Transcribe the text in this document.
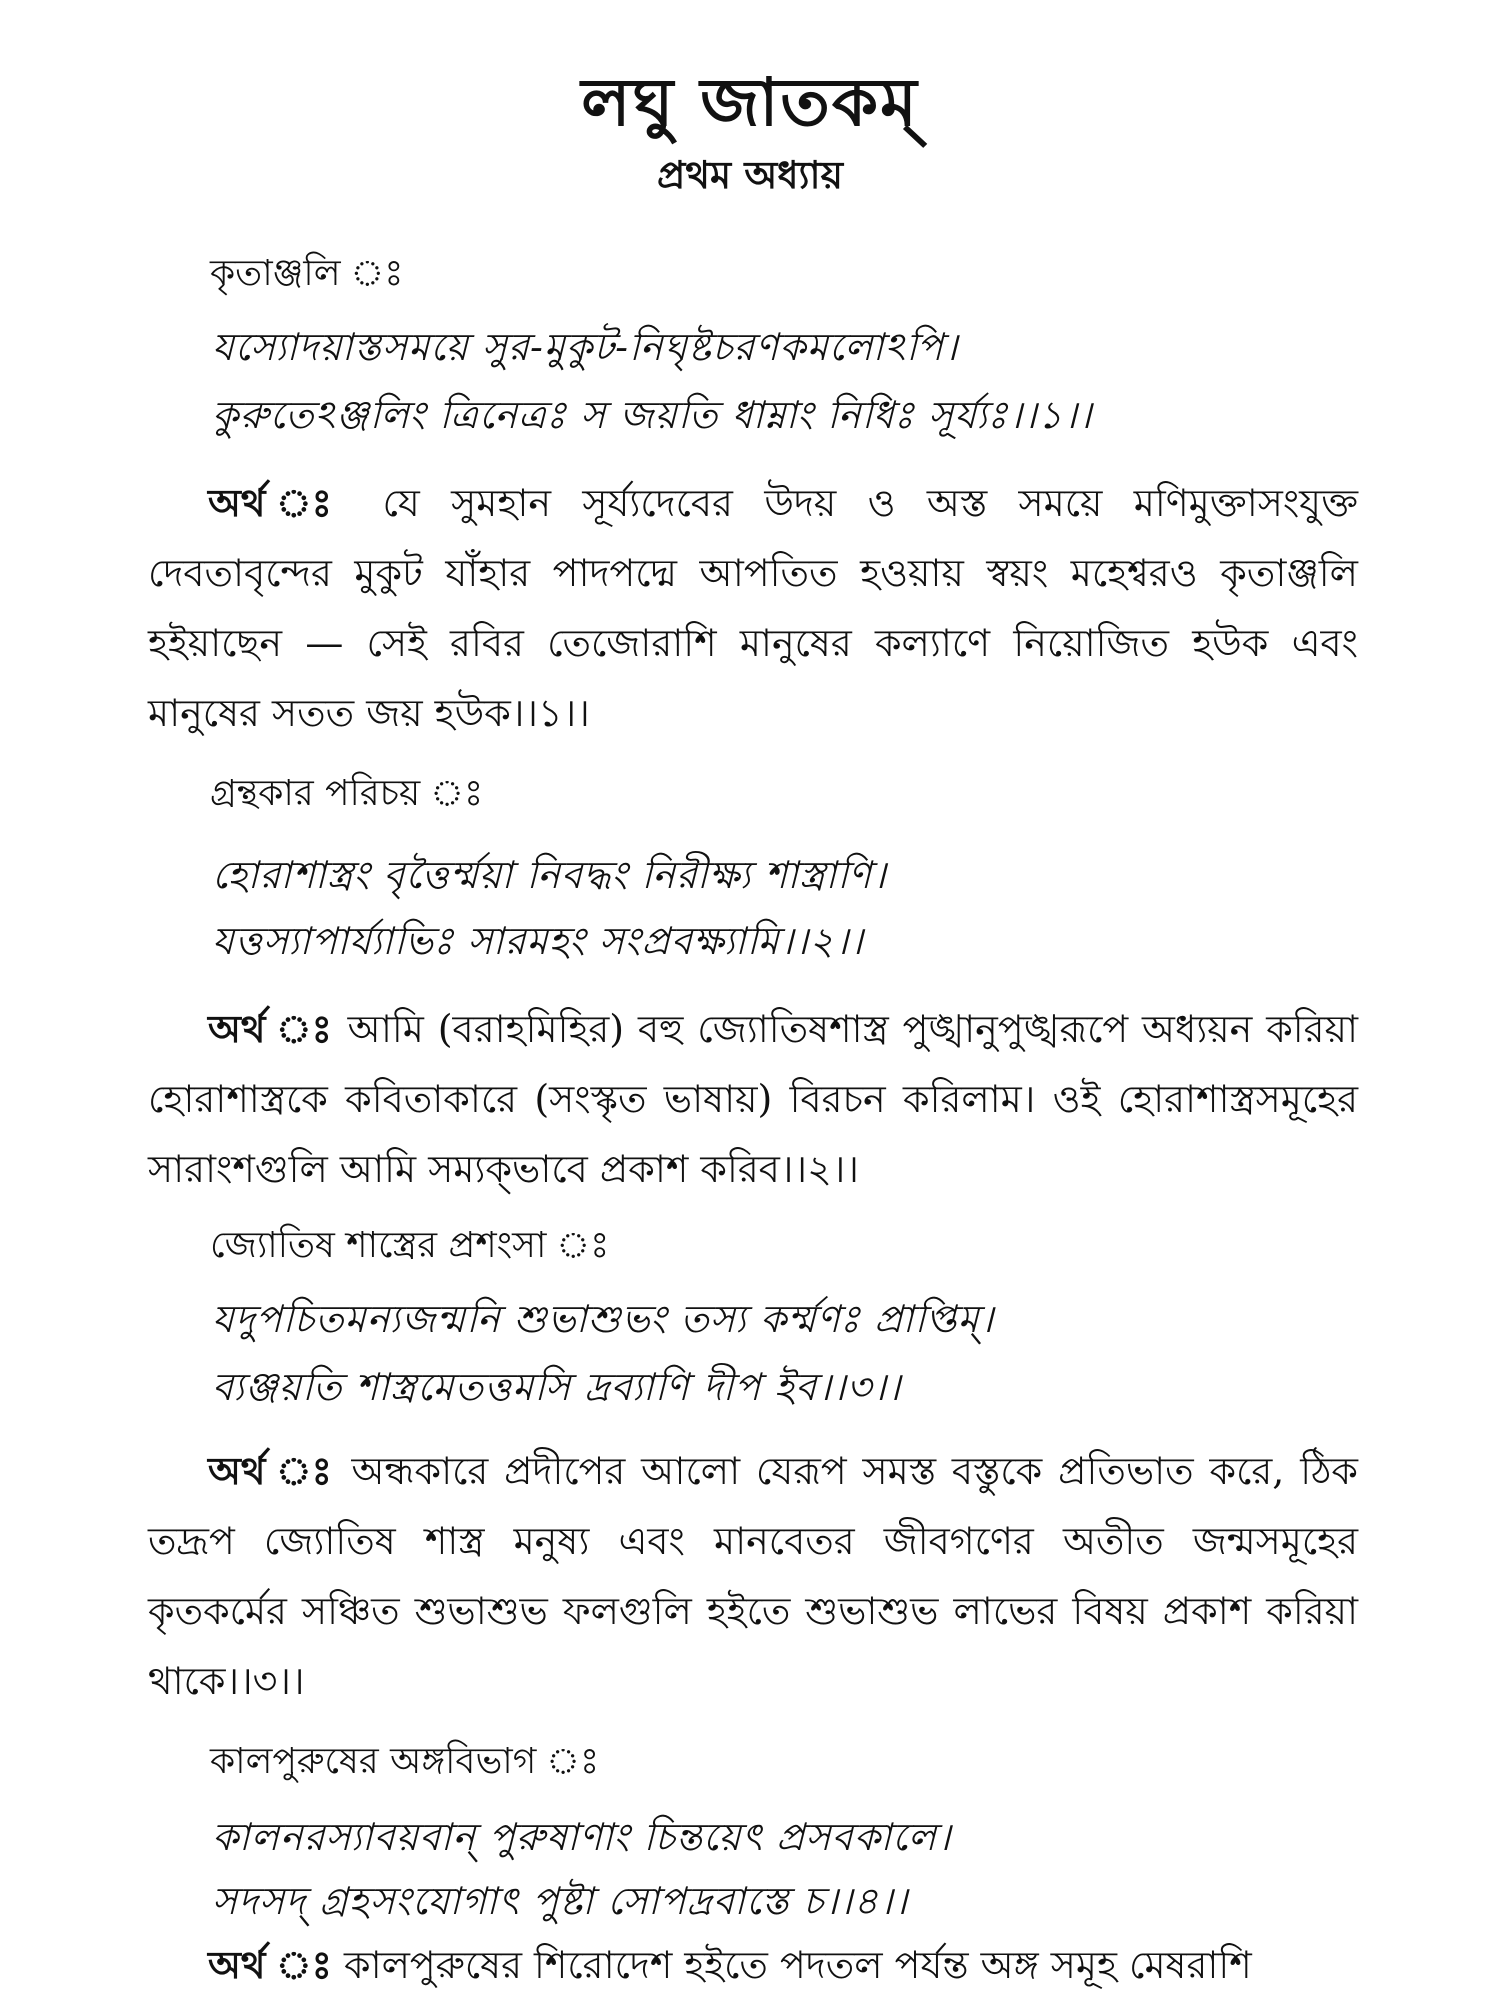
লঘু জাতকম্
প্রথম অধ্যায়
কৃতাঞ্জলি ঃ
যস্যোদয়াস্তসময়ে সুর-মুকুট-নিঘৃষ্টচরণকমলোঽপি।
কুরুতেঽঞ্জলিং ত্রিনেত্রঃ স জয়তি ধাম্নাং নিধিঃ সূর্য্যঃ।।১।।
অর্থ ঃ যে সুমহান সূর্য্যদেবের উদয় ও অস্ত সময়ে মণিমুক্তাসংযুক্ত দেবতাবৃন্দের মুকুট যাঁহার পাদপদ্মে আপতিত হওয়ায় স্বয়ং মহেশ্বরও কৃতাঞ্জলি হইয়াছেন — সেই রবির তেজোরাশি মানুষের কল্যাণে নিয়োজিত হউক এবং মানুষের সতত জয় হউক।।১।।
গ্রন্থকার পরিচয় ঃ
হোরাশাস্ত্রং বৃত্তৈর্ম্ময়া নিবদ্ধং নিরীক্ষ্য শাস্ত্রাণি।
যত্তস্যাপার্য্যাভিঃ সারমহং সংপ্রবক্ষ্যামি।।২।।
অর্থ ঃ আমি (বরাহমিহির) বহু জ্যোতিষশাস্ত্র পুঙ্খানুপুঙ্খরূপে অধ্যয়ন করিয়া হোরাশাস্ত্রকে কবিতাকারে (সংস্কৃত ভাষায়) বিরচন করিলাম। ওই হোরাশাস্ত্রসমূহের সারাংশগুলি আমি সম্যক্‌ভাবে প্রকাশ করিব।।২।।
জ্যোতিষ শাস্ত্রের প্রশংসা ঃ
যদুপচিতমন্যজন্মনি শুভাশুভং তস্য কর্ম্মণঃ প্রাপ্তিম্।
ব্যঞ্জয়তি শাস্ত্রমেতত্তমসি দ্রব্যাণি দীপ ইব।।৩।।
অর্থ ঃ অন্ধকারে প্রদীপের আলো যেরূপ সমস্ত বস্তুকে প্রতিভাত করে, ঠিক তদ্রূপ জ্যোতিষ শাস্ত্র মনুষ্য এবং মানবেতর জীবগণের অতীত জন্মসমূহের কৃতকর্মের সঞ্চিত শুভাশুভ ফলগুলি হইতে শুভাশুভ লাভের বিষয় প্রকাশ করিয়া থাকে।।৩।।
কালপুরুষের অঙ্গবিভাগ ঃ
কালনরস্যাবয়বান্ পুরুষাণাং চিন্তয়েৎ প্রসবকালে।
সদসদ্ গ্রহসংযোগাৎ পুষ্টা সোপদ্রবাস্তে চ।।৪।।
অর্থ ঃ কালপুরুষের শিরোদেশ হইতে পদতল পর্যন্ত অঙ্গ সমূহ মেষরাশি
